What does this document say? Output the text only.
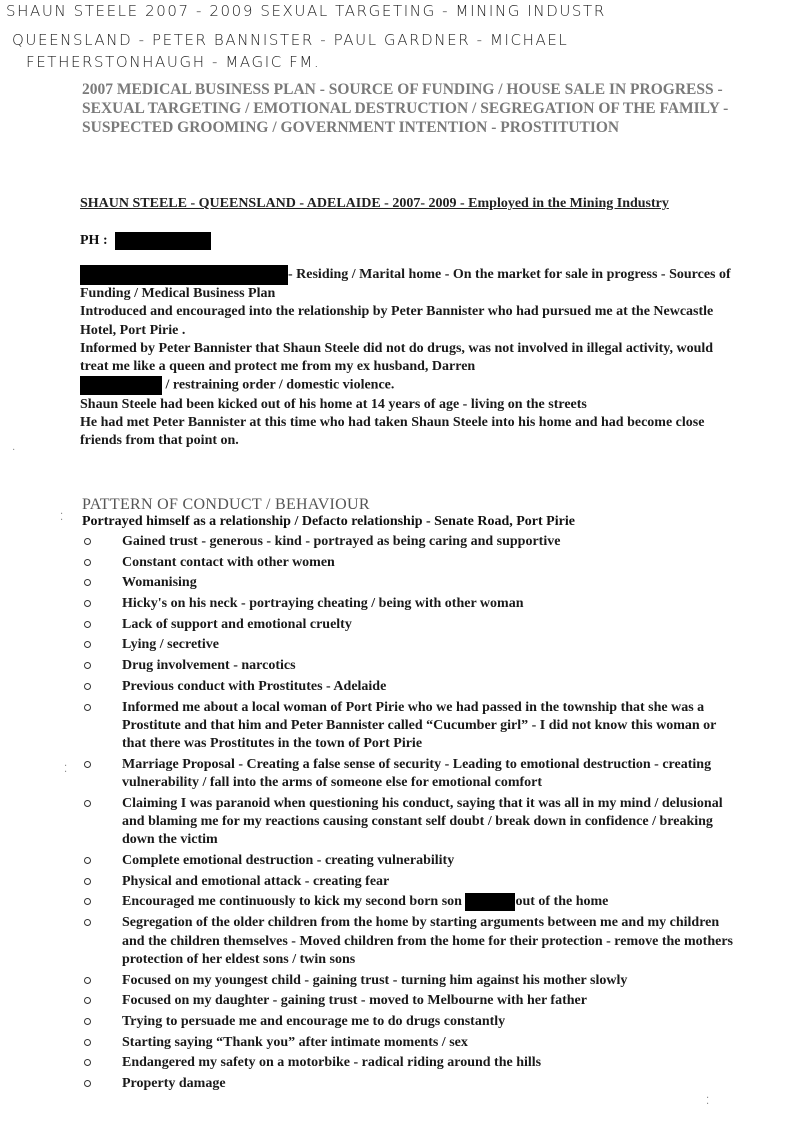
SHAUN STEELE 2007 - 2009 SEXUAL TARGETING - MINING INDUSTR
QUEENSLAND - PETER BANNISTER - PAUL GARDNER - MICHAEL
FETHERSTONHAUGH - MAGIC FM.
2007 MEDICAL BUSINESS PLAN - SOURCE OF FUNDING / HOUSE SALE IN PROGRESS - SEXUAL TARGETING / EMOTIONAL DESTRUCTION / SEGREGATION OF THE FAMILY - SUSPECTED GROOMING / GOVERNMENT INTENTION - PROSTITUTION
SHAUN STEELE - QUEENSLAND - ADELAIDE - 2007- 2009 - Employed in the Mining Industry
PH :

- Residing / Marital home - On the market for sale in progress - Sources of Funding / Medical Business Plan

Introduced and encouraged into the relationship by Peter Bannister who had pursued me at the Newcastle Hotel, Port Pirie .

Informed by Peter Bannister that Shaun Steele did not do drugs, was not involved in illegal activity, would treat me like a queen and protect me from my ex husband, Darren
/ restraining order / domestic violence.

Shaun Steele had been kicked out of his home at 14 years of age - living on the streets

He had met Peter Bannister at this time who had taken Shaun Steele into his home and had become close friends from that point on.

PATTERN OF CONDUCT / BEHAVIOUR
Portrayed himself as a relationship / Defacto relationship - Senate Road, Port Pirie
Gained trust - generous - kind - portrayed as being caring and supportive
Constant contact with other women
Womanising
Hicky's on his neck - portraying cheating / being with other woman
Lack of support and emotional cruelty
Lying / secretive
Drug involvement - narcotics
Previous conduct with Prostitutes - Adelaide
Informed me about a local woman of Port Pirie who we had passed in the township that she was a Prostitute and that him and Peter Bannister called “Cucumber girl” - I did not know this woman or that there was Prostitutes in the town of Port Pirie
Marriage Proposal - Creating a false sense of security - Leading to emotional destruction - creating vulnerability / fall into the arms of someone else for emotional comfort
Claiming I was paranoid when questioning his conduct, saying that it was all in my mind / delusional and blaming me for my reactions causing constant self doubt / break down in confidence / breaking down the victim
Complete emotional destruction - creating vulnerability
Physical and emotional attack - creating fear
Encouraged me continuously to kick my second born son	out of the home
Segregation of the older children from the home by starting arguments between me and my children and the children themselves - Moved children from the home for their protection - remove the mothers protection of her eldest sons / twin sons
Focused on my youngest child - gaining trust - turning him against his mother slowly
Focused on my daughter - gaining trust - moved to Melbourne with her father
Trying to persuade me and encourage me to do drugs constantly
Starting saying “Thank you” after intimate moments / sex
Endangered my safety on a motorbike - radical riding around the hills
Property damage
⁚
⁚
·
⁚
